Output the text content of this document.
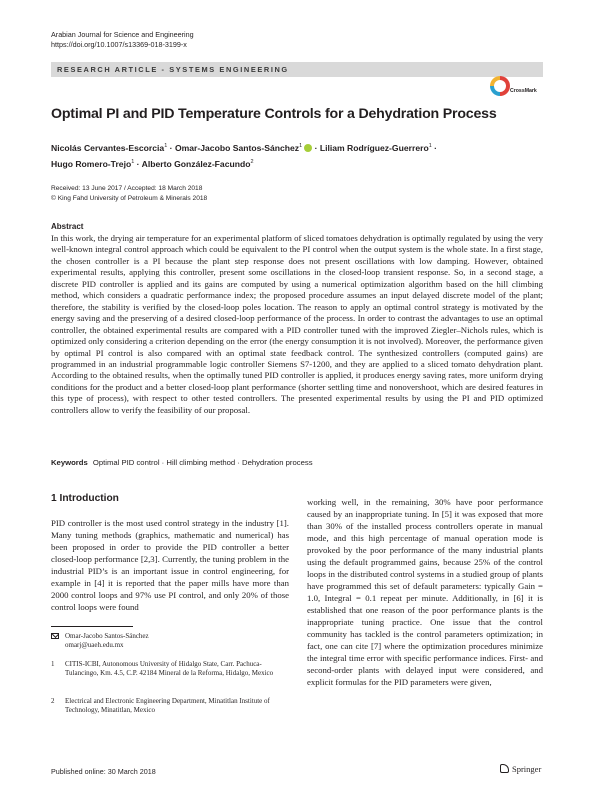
Arabian Journal for Science and Engineering
https://doi.org/10.1007/s13369-018-3199-x
RESEARCH ARTICLE - SYSTEMS ENGINEERING
CrossMark
Optimal PI and PID Temperature Controls for a Dehydration Process
Nicolás Cervantes-Escorcia$^1$ · Omar-Jacobo Santos-Sánchez$^1$ · Liliam Rodríguez-Guerrero$^1$ ·
Hugo Romero-Trejo$^1$ · Alberto González-Facundo$^2$
Received: 13 June 2017 / Accepted: 18 March 2018
© King Fahd University of Petroleum & Minerals 2018
Abstract
In this work, the drying air temperature for an experimental platform of sliced tomatoes dehydration is optimally regulated by using the very well-known integral control approach which could be equivalent to the PI control when the output system is the whole state. In a first stage, the chosen controller is a PI because the plant step response does not present oscillations with low damping. However, obtained experimental results, applying this controller, present some oscillations in the closed-loop transient response. So, in a second stage, a discrete PID controller is applied and its gains are computed by using a numerical optimization algorithm based on the hill climbing method, which considers a quadratic performance index; the proposed procedure assumes an input delayed discrete model of the plant; therefore, the stability is verified by the closed-loop poles location. The reason to apply an optimal control strategy is motivated by the energy saving and the preserving of a desired closed-loop performance of the process. In order to contrast the advantages to use an optimal controller, the obtained experimental results are compared with a PID controller tuned with the improved Ziegler–Nichols rules, which is optimized only considering a criterion depending on the error (the energy consumption it is not involved). Moreover, the performance given by optimal PI control is also compared with an optimal state feedback control. The synthesized controllers (computed gains) are programmed in an industrial programmable logic controller Siemens S7-1200, and they are applied to a sliced tomato dehydration plant. According to the obtained results, when the optimally tuned PID controller is applied, it produces energy saving rates, more uniform drying conditions for the product and a better closed-loop plant performance (shorter settling time and nonovershoot, which are desired features in this type of process), with respect to other tested controllers. The presented experimental results by using the PI and PID optimized controllers allow to verify the feasibility of our proposal.
Keywords Optimal PID control · Hill climbing method · Dehydration process
1 Introduction
PID controller is the most used control strategy in the industry [1]. Many tuning methods (graphics, mathematic and numerical) has been proposed in order to provide the PID controller a better closed-loop performance [2,3]. Currently, the tuning problem in the industrial PID’s is an important issue in control engineering, for example in [4] it is reported that the paper mills have more than 2000 control loops and 97% use PI control, and only 20% of those control loops were found
working well, in the remaining, 30% have poor performance caused by an inappropriate tuning. In [5] it was exposed that more than 30% of the installed process controllers operate in manual mode, and this high percentage of manual operation mode is provoked by the poor performance of the many industrial plants using the default programmed gains, because 25% of the control loops in the distributed control systems in a studied group of plants have programmed this set of default parameters: typically Gain = 1.0, Integral = 0.1 repeat per minute. Additionally, in [6] it is established that one reason of the poor performance plants is the inappropriate tuning practice. One issue that the control community has tackled is the control parameters optimization; in fact, one can cite [7] where the optimization procedures minimize the integral time error with specific performance indices. First- and second-order plants with delayed input were considered, and explicit formulas for the PID parameters were given,
Omar-Jacobo Santos-Sánchez
omarj@uaeh.edu.mx
1	CITIS-ICBI, Autonomous University of Hidalgo State, Carr. Pachuca-Tulancingo, Km. 4.5, C.P. 42184 Mineral de la Reforma, Hidalgo, Mexico
2	Electrical and Electronic Engineering Department, Minatitlan Institute of Technology, Minatitlan, Mexico
Published online: 30 March 2018	Springer
